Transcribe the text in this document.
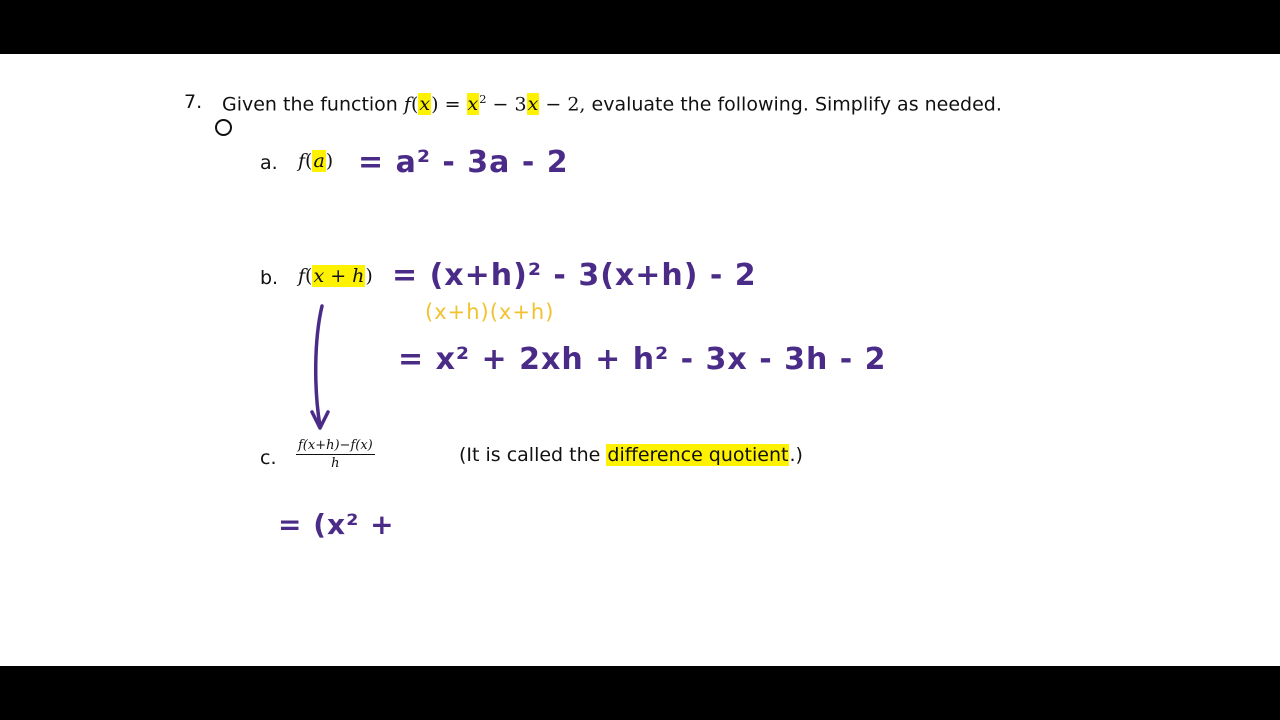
7. Given the function $f(x) = x^2 - 3x - 2$, evaluate the following. Simplify as needed.
a. f(a) = a² - 3a - 2
b. f(x + h) = (x+h)² - 3(x+h) - 2
(x+h)(x+h)
= x² + 2xh + h² - 3x - 3h - 2
c. $\frac{f(x+h)-f(x)}{h}$	(It is called the difference quotient.)
= (x² +
